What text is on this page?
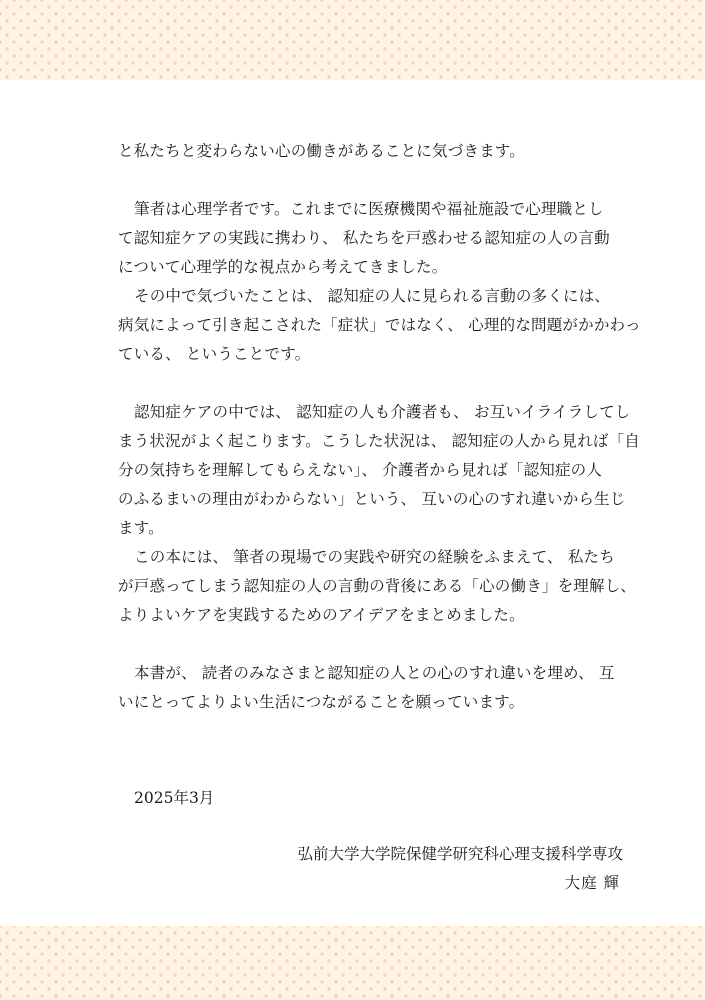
と私たちと変わらない心の働きがあることに気づきます。
筆者は心理学者です。これまでに医療機関や福祉施設で心理職とし
て認知症ケアの実践に携わり、 私たちを戸惑わせる認知症の人の言動
について心理学的な視点から考えてきました。
その中で気づいたことは、 認知症の人に見られる言動の多くには、
病気によって引き起こされた「症状」ではなく、 心理的な問題がかかわっ
ている、 ということです。
認知症ケアの中では、 認知症の人も介護者も、 お互いイライラしてし
まう状況がよく起こります。こうした状況は、 認知症の人から見れば「自
分の気持ちを理解してもらえない」、 介護者から見れば「認知症の人
のふるまいの理由がわからない」という、 互いの心のすれ違いから生じ
ます。
この本には、 筆者の現場での実践や研究の経験をふまえて、 私たち
が戸惑ってしまう認知症の人の言動の背後にある「心の働き」を理解し、
よりよいケアを実践するためのアイデアをまとめました。
本書が、 読者のみなさまと認知症の人との心のすれ違いを埋め、 互
いにとってよりよい生活につながることを願っています。
2025年3月
弘前大学大学院保健学研究科心理支援科学専攻
大庭 輝
